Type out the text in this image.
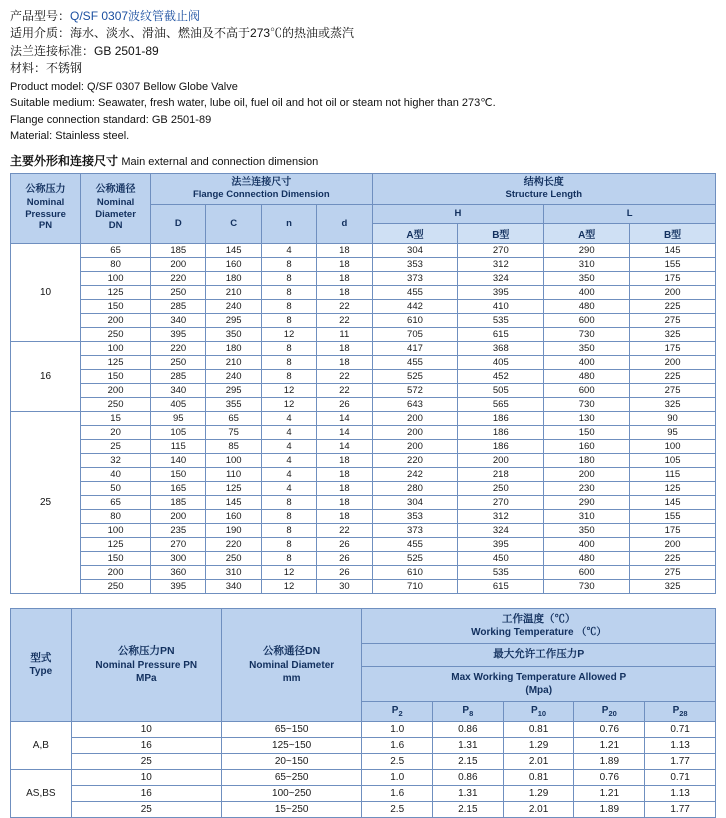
产品型号：Q/SF 0307波纹管截止阀
适用介质：海水、淡水、滑油、燃油及不高于273℃的热油或蒸汽
法兰连接标准：GB 2501-89
材料：不锈钢
Product model: Q/SF 0307 Bellow Globe Valve
Suitable medium: Seawater, fresh water, lube oil, fuel oil and hot oil or steam not higher than 273℃.
Flange connection standard: GB 2501-89
Material: Stainless steel.
主要外形和连接尺寸 Main external and connection dimension
公称压力
Nominal
Pressure
PN	公称通径
Nominal
Diameter
DN	法兰连接尺寸
Flange Connection Dimension				结构长度
Structure Length			

		D	C	n	d	H		L	
						A型	B型	A型	B型
10	65	185	145	4	18	304	270	290	145
	80	200	160	8	18	353	312	310	155
	100	220	180	8	18	373	324	350	175
	125	250	210	8	18	455	395	400	200
	150	285	240	8	22	442	410	480	225
	200	340	295	8	22	610	535	600	275
	250	395	350	12	11	705	615	730	325
16	100	220	180	8	18	417	368	350	175
	125	250	210	8	18	455	405	400	200
	150	285	240	8	22	525	452	480	225
	200	340	295	12	22	572	505	600	275
	250	405	355	12	26	643	565	730	325
25	15	95	65	4	14	200	186	130	90
	20	105	75	4	14	200	186	150	95
	25	115	85	4	14	200	186	160	100
	32	140	100	4	18	220	200	180	105
	40	150	110	4	18	242	218	200	115
	50	165	125	4	18	280	250	230	125
	65	185	145	8	18	304	270	290	145
	80	200	160	8	18	353	312	310	155
	100	235	190	8	22	373	324	350	175
	125	270	220	8	26	455	395	400	200
	150	300	250	8	26	525	450	480	225
	200	360	310	12	26	610	535	600	275
	250	395	340	12	30	710	615	730	325
型式
Type	公称压力PN
Nominal Pressure PN
MPa	公称通径DN
Nominal Diameter
mm	工作温度（℃）
Working Temperature （℃）				

			最大允许工作压力P				

			Max Working Temperature Allowed P
(Mpa)				

			$P_2$	$P_8$	$P_{10}$	$P_{20}$	$P_{28}$
A,B	10	65~150	1.0	0.86	0.81	0.76	0.71
	16	125~150	1.6	1.31	1.29	1.21	1.13
	25	20~150	2.5	2.15	2.01	1.89	1.77
AS,BS	10	65~250	1.0	0.86	0.81	0.76	0.71
	16	100~250	1.6	1.31	1.29	1.21	1.13
	25	15~250	2.5	2.15	2.01	1.89	1.77
